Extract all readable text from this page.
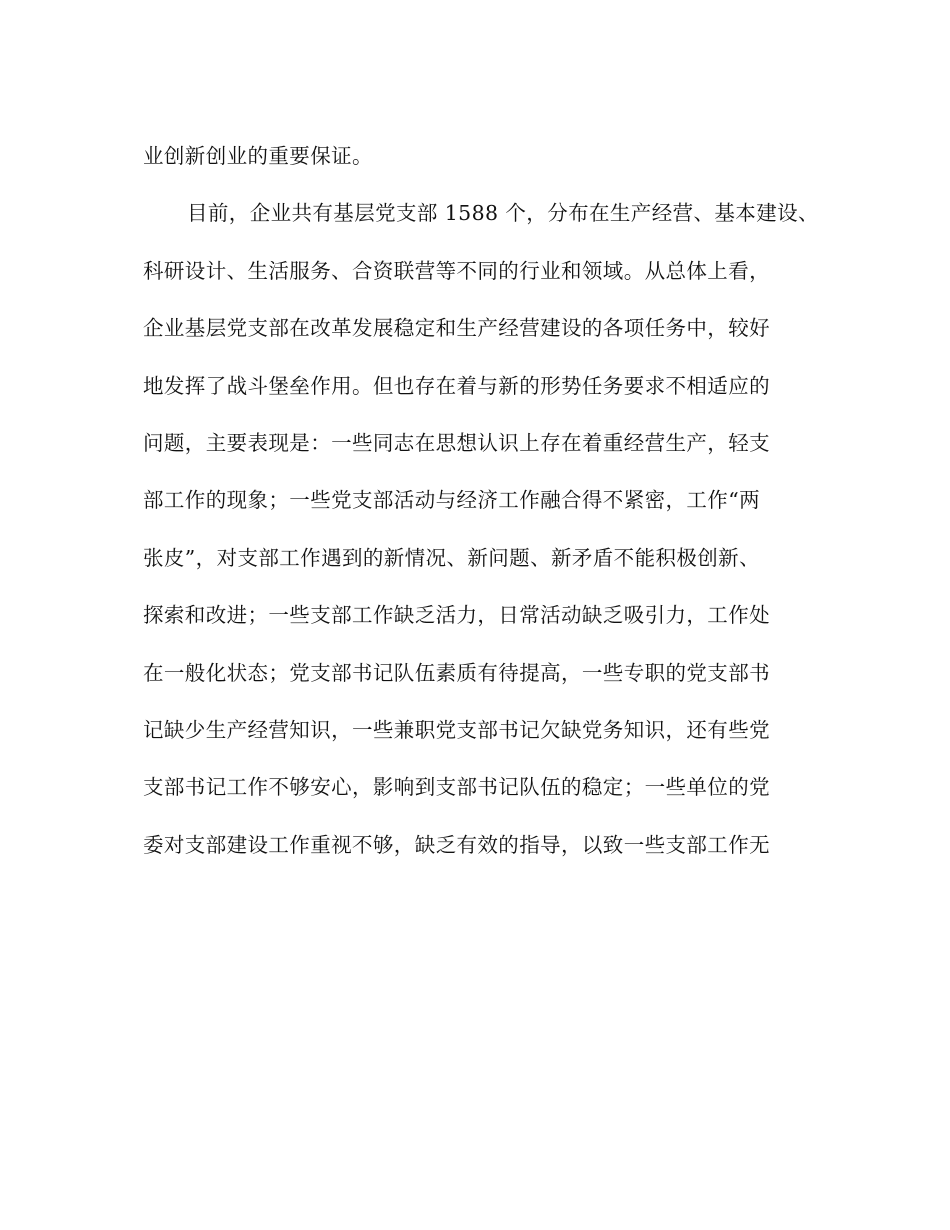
业创新创业的重要保证。
目前，企业共有基层党支部 1588 个，分布在生产经营、基本建设、
科研设计、生活服务、合资联营等不同的行业和领域。从总体上看，
企业基层党支部在改革发展稳定和生产经营建设的各项任务中，较好
地发挥了战斗堡垒作用。但也存在着与新的形势任务要求不相适应的
问题，主要表现是：一些同志在思想认识上存在着重经营生产，轻支
部工作的现象；一些党支部活动与经济工作融合得不紧密，工作“两
张皮”，对支部工作遇到的新情况、新问题、新矛盾不能积极创新、
探索和改进；一些支部工作缺乏活力，日常活动缺乏吸引力，工作处
在一般化状态；党支部书记队伍素质有待提高，一些专职的党支部书
记缺少生产经营知识，一些兼职党支部书记欠缺党务知识，还有些党
支部书记工作不够安心，影响到支部书记队伍的稳定；一些单位的党
委对支部建设工作重视不够，缺乏有效的指导，以致一些支部工作无
